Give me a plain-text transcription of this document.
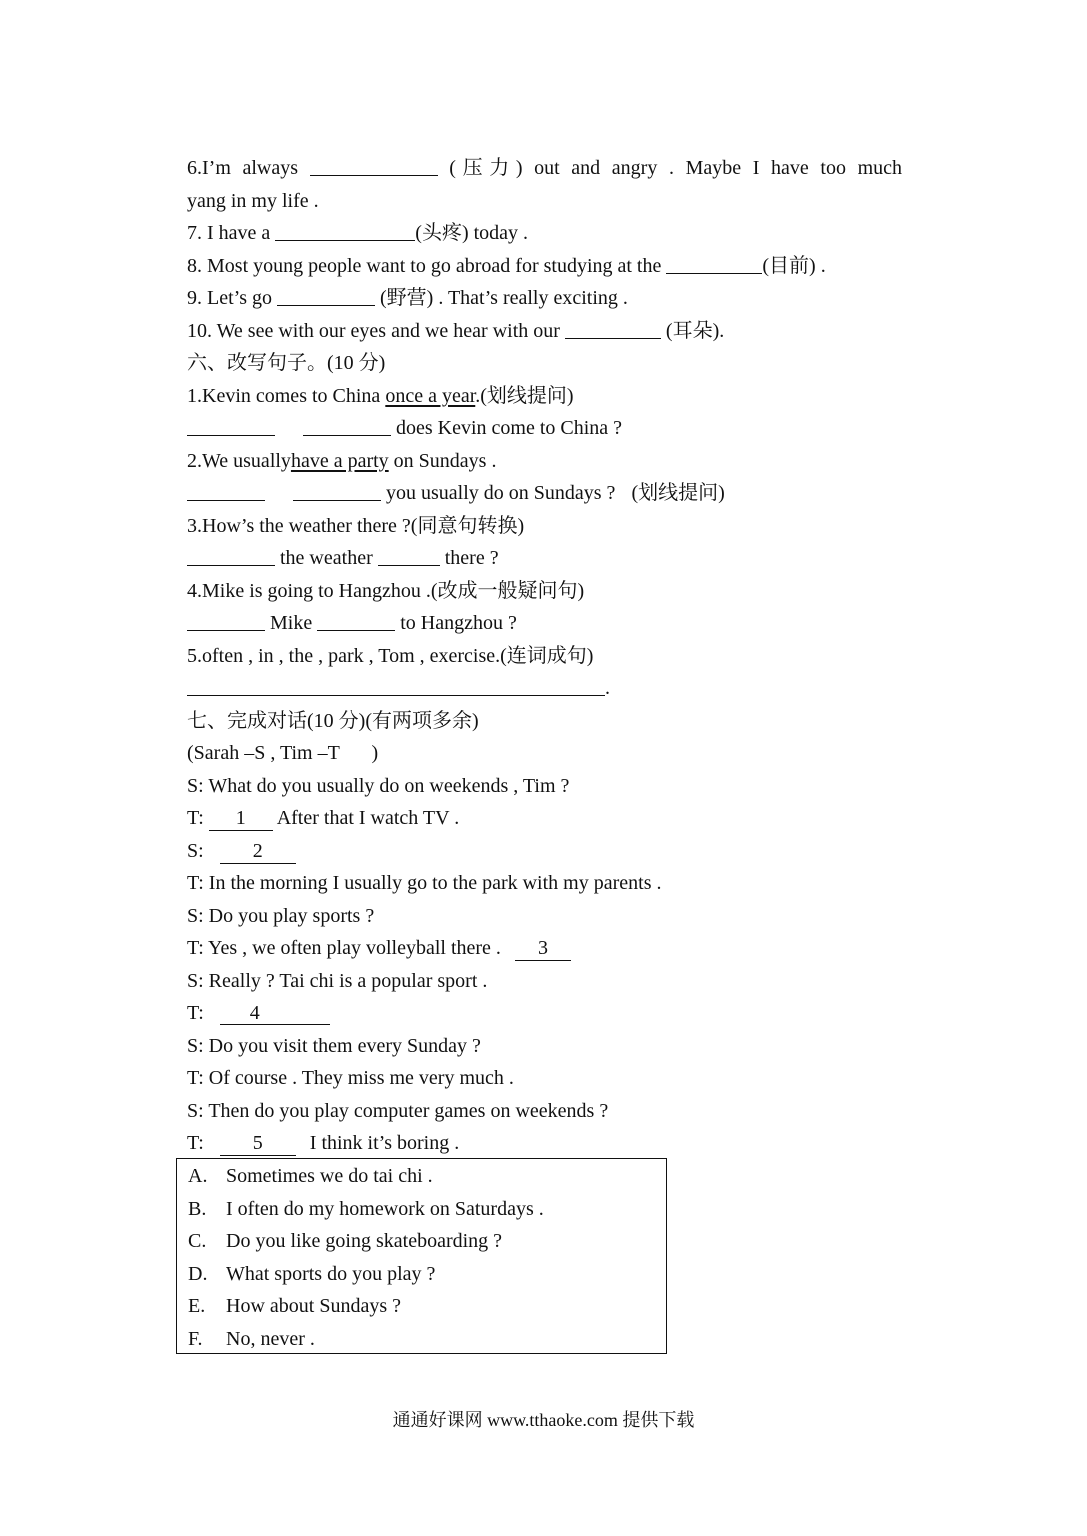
6.I’m always	(压力) out and angry . Maybe I have too much
yang in my life .
7. I have a	(头疼) today .
8. Most young people want to go abroad for studying at the	(目前) .
9. Let’s go	(野营) . That’s really exciting .
10. We see with our eyes and we hear with our	(耳朵).
六、改写句子。(10 分)
1.Kevin comes to China once a year.(划线提问)
does Kevin come to China ?
2.We usuallyhave a party on Sundays .
you usually do on Sundays ? (划线提问)
3.How’s the weather there ?(同意句转换)
the weather	there ?
4.Mike is going to Hangzhou .(改成一般疑问句)
Mike	to Hangzhou ?
5.often , in , the , park , Tom , exercise.(连词成句)
.
七、完成对话(10 分)(有两项多余)
(Sarah –S , Tim –T )
S: What do you usually do on weekends , Tim ?
T: 1 After that I watch TV .
S: 2
T: In the morning I usually go to the park with my parents .
S: Do you play sports ?
T: Yes , we often play volleyball there . 3
S: Really ? Tai chi is a popular sport .
T: 4
S: Do you visit them every Sunday ?
T: Of course . They miss me very much .
S: Then do you play computer games on weekends ?
T: 5 I think it’s boring .
A. Sometimes we do tai chi .
B. I often do my homework on Saturdays .
C. Do you like going skateboarding ?
D. What sports do you play ?
E. How about Sundays ?
F. No, never .
通通好课网 www.tthaoke.com 提供下载
